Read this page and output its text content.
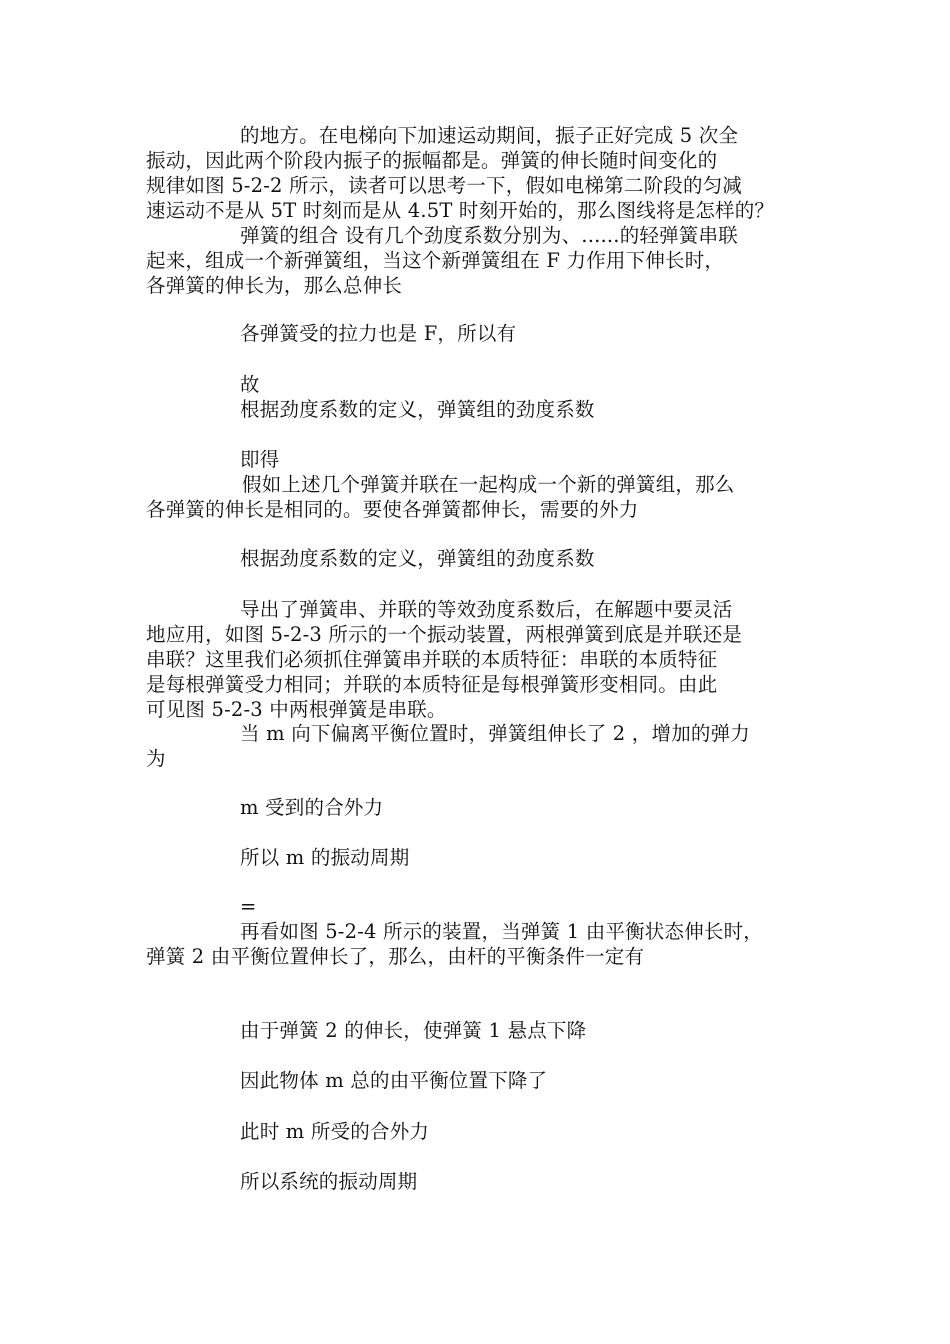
的地方。在电梯向下加速运动期间，振子正好完成 5 次全
振动，因此两个阶段内振子的振幅都是。弹簧的伸长随时间变化的
规律如图 5-2-2 所示，读者可以思考一下，假如电梯第二阶段的匀减
速运动不是从 5T 时刻而是从 4.5T 时刻开始的，那么图线将是怎样的？
弹簧的组合 设有几个劲度系数分别为、......的轻弹簧串联
起来，组成一个新弹簧组，当这个新弹簧组在 F 力作用下伸长时，
各弹簧的伸长为，那么总伸长
各弹簧受的拉力也是 F，所以有
故
根据劲度系数的定义，弹簧组的劲度系数
即得
假如上述几个弹簧并联在一起构成一个新的弹簧组，那么
各弹簧的伸长是相同的。要使各弹簧都伸长，需要的外力
根据劲度系数的定义，弹簧组的劲度系数
导出了弹簧串、并联的等效劲度系数后，在解题中要灵活
地应用，如图 5-2-3 所示的一个振动装置，两根弹簧到底是并联还是
串联？这里我们必须抓住弹簧串并联的本质特征：串联的本质特征
是每根弹簧受力相同；并联的本质特征是每根弹簧形变相同。由此
可见图 5-2-3 中两根弹簧是串联。
当 m 向下偏离平衡位置时，弹簧组伸长了 2 ，增加的弹力
为
m 受到的合外力
所以 m 的振动周期
=
再看如图 5-2-4 所示的装置，当弹簧 1 由平衡状态伸长时，
弹簧 2 由平衡位置伸长了，那么，由杆的平衡条件一定有
由于弹簧 2 的伸长，使弹簧 1 悬点下降
因此物体 m 总的由平衡位置下降了
此时 m 所受的合外力
所以系统的振动周期
